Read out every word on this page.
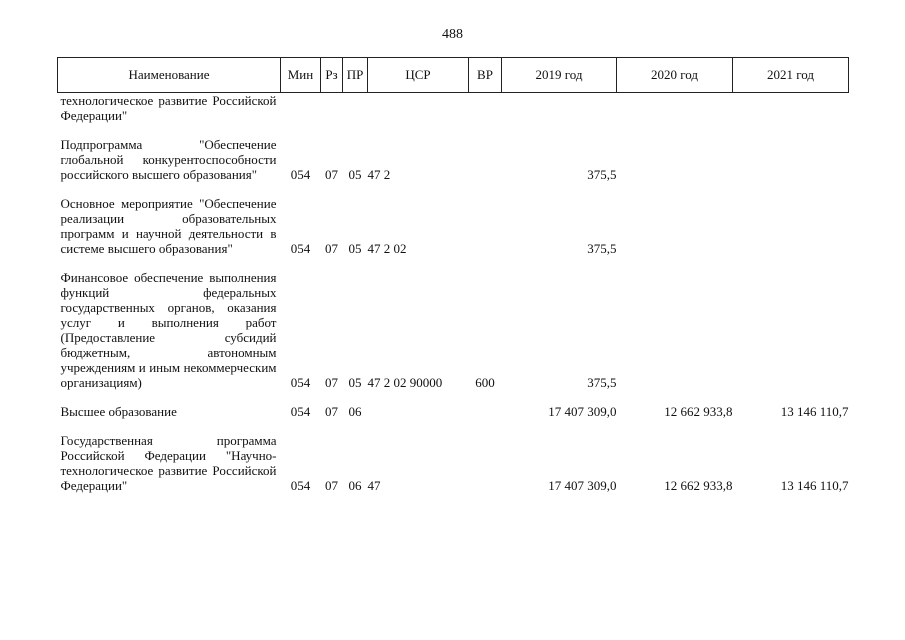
488
Наименование	Мин	Рз	ПР	ЦСР	ВР	2019 год	2020 год	2021 год
технологическое развитие Российской Федерации"								

Подпрограмма "Обеспечение глобальной конкурентоспособности российского высшего образования"	054	07	05	47 2		375,5		

Основное мероприятие "Обеспечение реализации образовательных программ и научной деятельности в системе высшего образования"	054	07	05	47 2 02		375,5		

Финансовое обеспечение выполнения функций федеральных государственных органов, оказания услуг и выполнения работ (Предоставление субсидий бюджетным, автономным учреждениям и иным некоммерческим организациям)	054	07	05	47 2 02 90000	600	375,5		

Высшее образование	054	07	06			17 407 309,0	12 662 933,8	13 146 110,7

Государственная программа Российской Федерации "Научно-технологическое развитие Российской Федерации"	054	07	06	47		17 407 309,0	12 662 933,8	13 146 110,7
